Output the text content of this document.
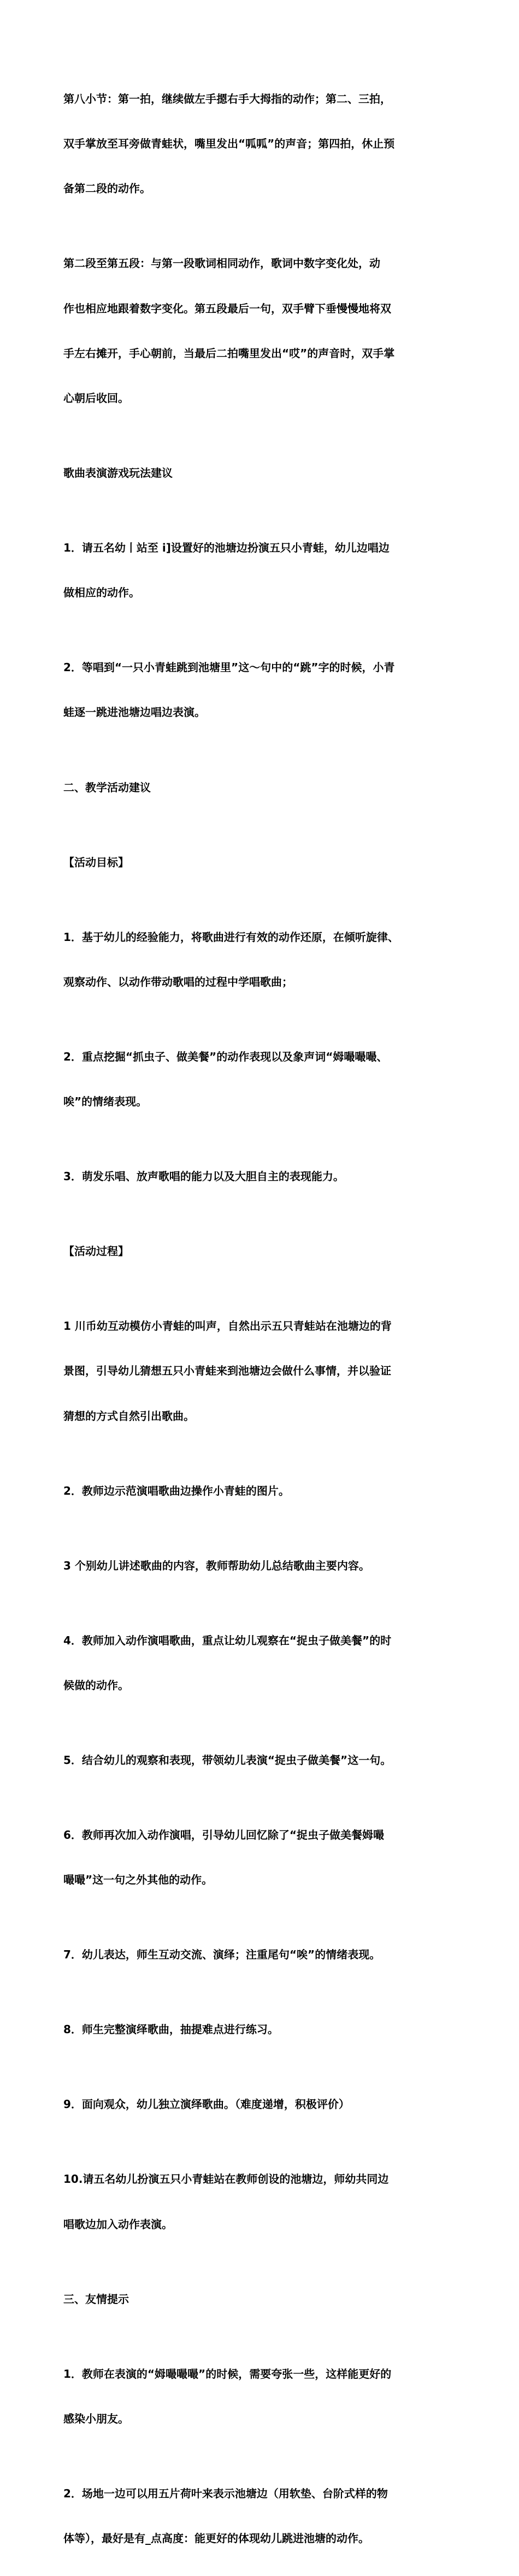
第八小节：第一拍，继续做左手摁右手大拇指的动作；第二、三拍，

双手掌放至耳旁做青蛙状，嘴里发出“呱呱”的声音；第四拍，休止预

备第二段的动作。

第二段至第五段：与第一段歌词相同动作，歌词中数字变化处，动

作也相应地跟着数字变化。第五段最后一句，双手臂下垂慢慢地将双

手左右摊开，手心朝前，当最后二拍嘴里发出“哎”的声音时，双手掌

心朝后收回。

歌曲表演游戏玩法建议

1．请五名幼丨站至 i]设置好的池塘边扮演五只小青蛙，幼儿边唱边

做相应的动作。

2．等唱到“一只小青蛙跳到池塘里”这～句中的“跳”字的时候，小青

蛙逐一跳进池塘边唱边表演。

二、教学活动建议

【活动目标】

1．基于幼儿的经验能力，将歌曲进行有效的动作还原，在倾听旋律、

观察动作、以动作带动歌唱的过程中学唱歌曲；

2．重点挖掘“抓虫子、做美餐”的动作表现以及象声词“姆嘬嘬嘬、

唉”的情绪表现。

3．萌发乐唱、放声歌唱的能力以及大胆自主的表现能力。

【活动过程】

1 川币幼互动模仿小青蛙的叫声，自然出示五只青蛙站在池塘边的背

景图，引导幼儿猜想五只小青蛙来到池塘边会做什么事情，并以验证

猜想的方式自然引出歌曲。

2．教师边示范演唱歌曲边操作小青蛙的图片。

3 个别幼儿讲述歌曲的内容，教师帮助幼儿总结歌曲主要内容。

4．教师加入动作演唱歌曲，重点让幼儿观察在“捉虫子做美餐”的时

候做的动作。

5．结合幼儿的观察和表现，带领幼儿表演“捉虫子做美餐”这一句。

6．教师再次加入动作演唱，引导幼儿回忆除了“捉虫子做美餐姆嘬

嘬嘬”这一句之外其他的动作。

7．幼儿表达，师生互动交流、演绎；注重尾句“唉”的情绪表现。

8．师生完整演绎歌曲，抽提难点进行练习。

9．面向观众，幼儿独立演绎歌曲。（难度递增，积极评价）

10.请五名幼儿扮演五只小青蛙站在教师创设的池塘边，师幼共同边

唱歌边加入动作表演。

三、友情提示

1．教师在表演的“姆嘬嘬嘬”的时候，需要夸张一些，这样能更好的

感染小朋友。

2．场地一边可以用五片荷叶来表示池塘边（用软垫、台阶式样的物

体等），最好是有_点高度：能更好的体现幼儿跳进池塘的动作。
